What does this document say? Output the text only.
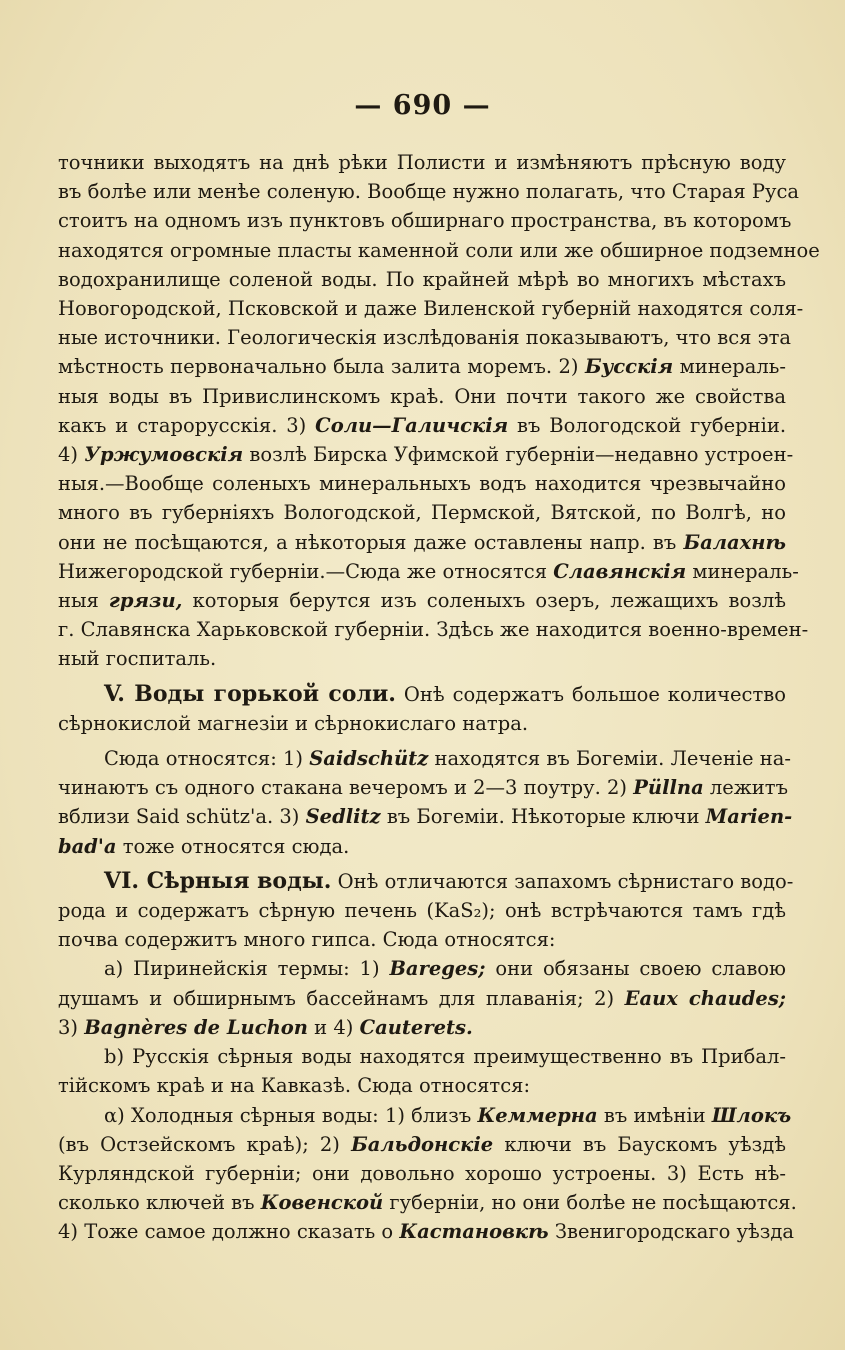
— 690 —
точники выходятъ на днѣ рѣки Полисти и измѣняютъ прѣсную воду
въ болѣе или менѣе соленую. Вообще нужно полагать, что Старая Руса
стоитъ на одномъ изъ пунктовъ обширнаго пространства, въ которомъ
находятся огромные пласты каменной соли или же обширное подземное
водохранилище соленой воды. По крайней мѣрѣ во многихъ мѣстахъ
Новогородской, Псковской и даже Виленской губерній находятся соля-
ные источники. Геологическія изслѣдованія показываютъ, что вся эта
мѣстность первоначально была залита моремъ. 2) Бусскія минераль-
ныя воды въ Привислинскомъ краѣ. Они почти такого же свойства
какъ и старорусскія. 3) Соли—Галичскія въ Вологодской губерніи.
4) Уржумовскія возлѣ Бирска Уфимской губерніи—недавно устроен-
ныя.—Вообще соленыхъ минеральныхъ водъ находится чрезвычайно
много въ губерніяхъ Вологодской, Пермской, Вятской, по Волгѣ, но
они не посѣщаются, а нѣкоторыя даже оставлены напр. въ Балахнѣ
Нижегородской губерніи.—Сюда же относятся Славянскія минераль-
ныя грязи, которыя берутся изъ соленыхъ озеръ, лежащихъ возлѣ
г. Славянска Харьковской губерніи. Здѣсь же находится военно-времен-
ный госпиталь.
V. Воды горькой соли. Онѣ содержатъ большое количество
сѣрнокислой магнезіи и сѣрнокислаго натра.
Сюда относятся: 1) Saidschütz находятся въ Богеміи. Леченіе на-
чинаютъ съ одного стакана вечеромъ и 2—3 поутру. 2) Püllna лежитъ
вблизи Said schütz'a. 3) Sedlitz въ Богеміи. Нѣкоторые ключи Marien-
bad'a тоже относятся сюда.
VI. Сѣрныя воды. Онѣ отличаются запахомъ сѣрнистаго водо-
рода и содержатъ сѣрную печень (KaS₂); онѣ встрѣчаются тамъ гдѣ
почва содержитъ много гипса. Сюда относятся:
a) Пиринейскія термы: 1) Bareges; они обязаны своею славою
душамъ и обширнымъ бассейнамъ для плаванія; 2) Eaux chaudes;
3) Bagnères de Luchon и 4) Cauterets.
b) Русскія сѣрныя воды находятся преимущественно въ Прибал-
тійскомъ краѣ и на Кавказѣ. Сюда относятся:
α) Холодныя сѣрныя воды: 1) близъ Кеммерна въ имѣніи Шлокъ
(въ Остзейскомъ краѣ); 2) Бальдонскіе ключи въ Баускомъ уѣздѣ
Курляндской губерніи; они довольно хорошо устроены. 3) Есть нѣ-
сколько ключей въ Ковенской губерніи, но они болѣе не посѣщаются.
4) Тоже самое должно сказать о Кастановкѣ Звенигородскаго уѣзда
